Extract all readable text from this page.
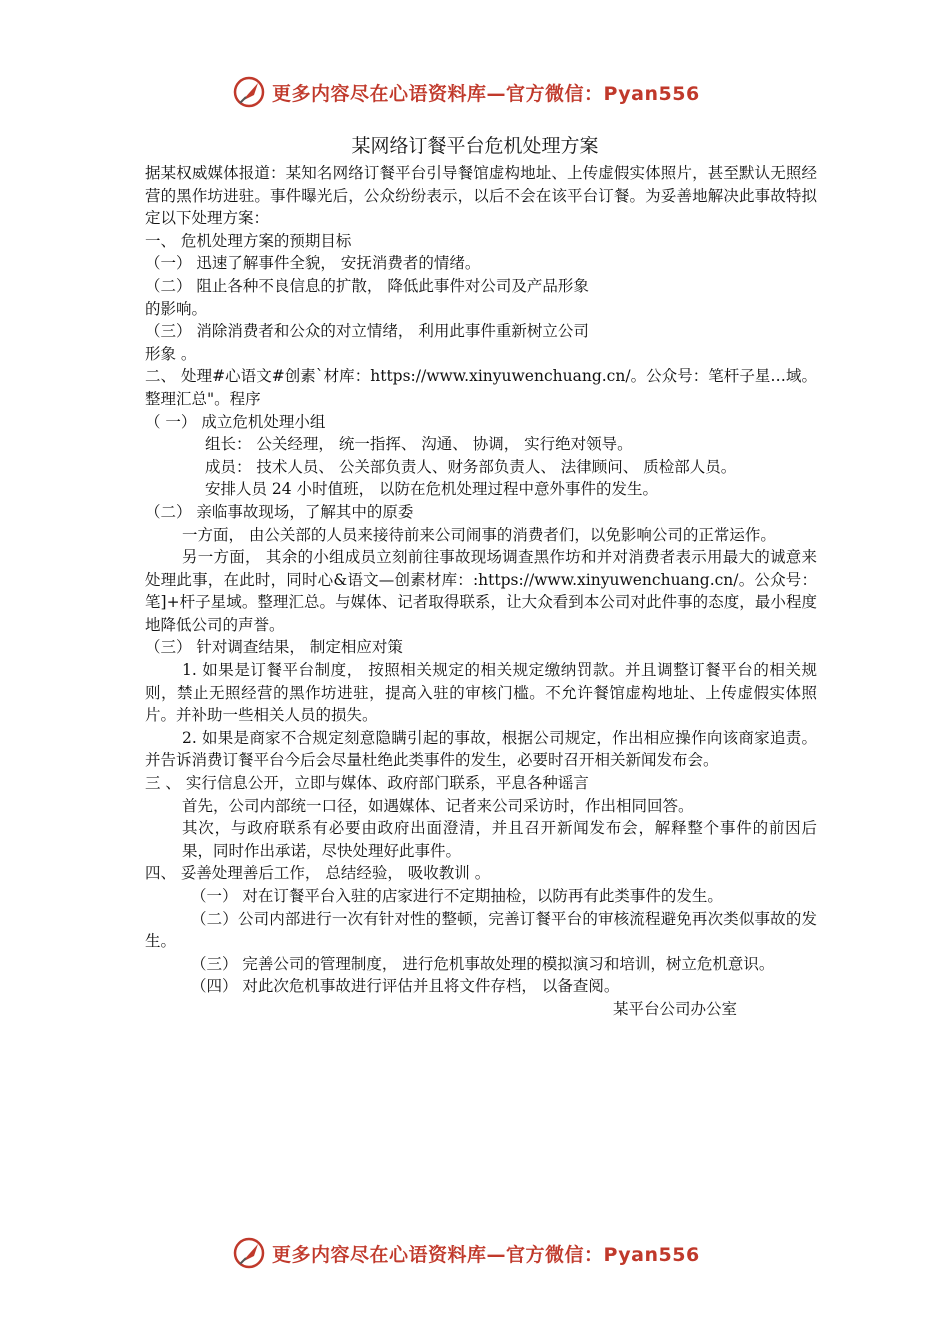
更多内容尽在心语资料库—官方微信：Pyan556
某网络订餐平台危机处理方案

据某权威媒体报道：某知名网络订餐平台引导餐馆虚构地址、上传虚假实体照片，甚至默认无照经营的黑作坊进驻。事件曝光后，公众纷纷表示，以后不会在该平台订餐。为妥善地解决此事故特拟定以下处理方案：

一、 危机处理方案的预期目标

（一） 迅速了解事件全貌， 安抚消费者的情绪。

（二） 阻止各种不良信息的扩散， 降低此事件对公司及产品形象

的影响。

（三） 消除消费者和公众的对立情绪， 利用此事件重新树立公司

形象 。

二、 处理#心语文#创素`材库：https://www.xinyuwenchuang.cn/。公众号：笔杆子星…域。整理汇总"。程序

（ 一） 成立危机处理小组

组长： 公关经理， 统一指挥、 沟通、 协调， 实行绝对领导。

成员： 技术人员、 公关部负责人、财务部负责人、 法律顾问、 质检部人员。

安排人员 24 小时值班， 以防在危机处理过程中意外事件的发生。

（二） 亲临事故现场，了解其中的原委

一方面， 由公关部的人员来接待前来公司闹事的消费者们，以免影响公司的正常运作。

另一方面， 其余的小组成员立刻前往事故现场调查黑作坊和并对消费者表示用最大的诚意来处理此事，在此时，同时心&语文—创素材库：:https://www.xinyuwenchuang.cn/。公众号：笔]+杆子星域。整理汇总。与媒体、记者取得联系，让大众看到本公司对此件事的态度，最小程度地降低公司的声誉。

（三） 针对调查结果， 制定相应对策

1. 如果是订餐平台制度， 按照相关规定的相关规定缴纳罚款。并且调整订餐平台的相关规则，禁止无照经营的黑作坊进驻，提高入驻的审核门槛。不允许餐馆虚构地址、上传虚假实体照片。并补助一些相关人员的损失。

2. 如果是商家不合规定刻意隐瞒引起的事故，根据公司规定，作出相应操作向该商家追责。并告诉消费订餐平台今后会尽量杜绝此类事件的发生，必要时召开相关新闻发布会。

三 、 实行信息公开，立即与媒体、政府部门联系，平息各种谣言

首先，公司内部统一口径，如遇媒体、记者来公司采访时，作出相同回答。

其次，与政府联系有必要由政府出面澄清，并且召开新闻发布会，解释整个事件的前因后果，同时作出承诺，尽快处理好此事件。

四、 妥善处理善后工作， 总结经验， 吸收教训 。

（一） 对在订餐平台入驻的店家进行不定期抽检，以防再有此类事件的发生。

（二）公司内部进行一次有针对性的整顿，完善订餐平台的审核流程避免再次类似事故的发生。

（三） 完善公司的管理制度， 进行危机事故处理的模拟演习和培训，树立危机意识。

（四） 对此次危机事故进行评估并且将文件存档， 以备查阅。

某平台公司办公室

更多内容尽在心语资料库—官方微信：Pyan556
